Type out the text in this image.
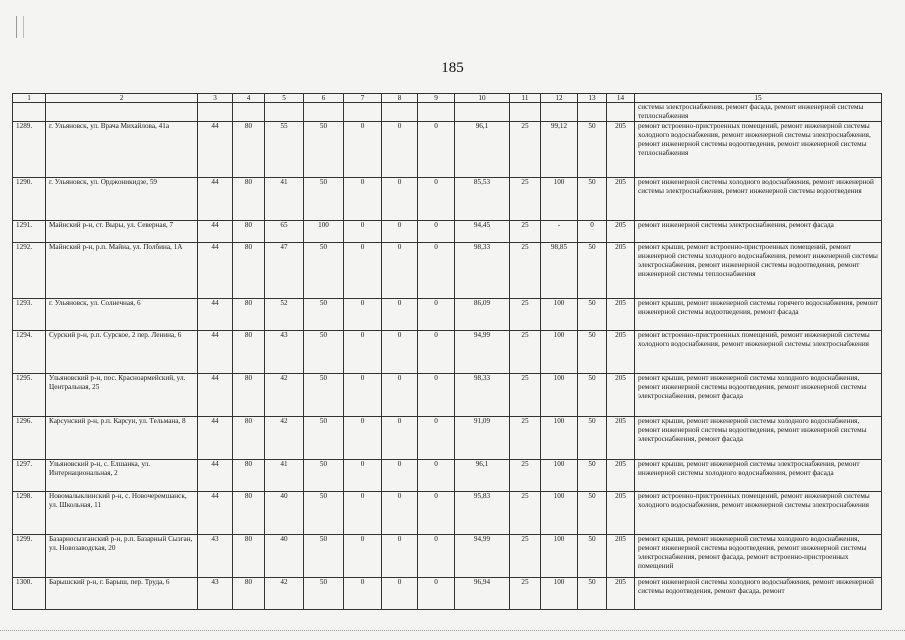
185
1	2	3	4	5	6	7	8	9	10	11	12	13	14	15
														системы электроснабжения, ремонт фасада, ремонт инженерной системы теплоснабжения
1289.	г. Ульяновск, ул. Врача Михайлова, 41а	44	80	55	50	0	0	0	96,1	25	99,12	50	205	ремонт встроенно-пристроенных помещений, ремонт инженерной системы холодного водоснабжения, ремонт инженерной системы электроснабжения, ремонт инженерной системы водоотведения, ремонт инженерной системы теплоснабжения
1290.	г. Ульяновск, ул. Орджоникидзе, 59	44	80	41	50	0	0	0	85,53	25	100	50	205	ремонт инженерной системы холодного водоснабжения, ремонт инженерной системы электроснабжения, ремонт инженерной системы водоотведения
1291.	Майнский р-н, ст. Выры, ул. Северная, 7	44	80	65	100	0	0	0	94,45	25	-	0	205	ремонт инженерной системы электроснабжения, ремонт фасада
1292.	Майнский р-н, р.п. Майна, ул. Полбина, 1А	44	80	47	50	0	0	0	98,33	25	98,85	50	205	ремонт крыши, ремонт встроенно-пристроенных помещений, ремонт инженерной системы холодного водоснабжения, ремонт инженерной системы электроснабжения, ремонт инженерной системы водоотведения, ремонт инженерной системы теплоснабжения
1293.	г. Ульяновск, ул. Солнечная, 6	44	80	52	50	0	0	0	86,09	25	100	50	205	ремонт крыши, ремонт инженерной системы горячего водоснабжения, ремонт инженерной системы водоотведения, ремонт фасада
1294.	Сурский р-н, р.п. Сурское, 2 пер. Ленина, 6	44	80	43	50	0	0	0	94,99	25	100	50	205	ремонт встроенно-пристроенных помещений, ремонт инженерной системы холодного водоснабжения, ремонт инженерной системы электроснабжения
1295.	Ульяновский р-н, пос. Красноармейский, ул. Центральная, 25	44	80	42	50	0	0	0	98,33	25	100	50	205	ремонт крыши, ремонт инженерной системы холодного водоснабжения, ремонт инженерной системы водоотведения, ремонт инженерной системы электроснабжения, ремонт фасада
1296.	Карсунский р-н, р.п. Карсун, ул. Тельмана, 8	44	80	42	50	0	0	0	91,09	25	100	50	205	ремонт крыши, ремонт инженерной системы холодного водоснабжения, ремонт инженерной системы водоотведения, ремонт инженерной системы электроснабжения, ремонт фасада
1297.	Ульяновский р-н, с. Елшанка, ул. Интернациональная, 2	44	80	41	50	0	0	0	96,1	25	100	50	205	ремонт крыши, ремонт инженерной системы электроснабжения, ремонт инженерной системы холодного водоснабжения, ремонт фасада
1298.	Новомалыклинский р-н, с. Новочеремшанск, ул. Школьная, 11	44	80	40	50	0	0	0	95,83	25	100	50	205	ремонт встроенно-пристроенных помещений, ремонт инженерной системы холодного водоснабжения, ремонт инженерной системы электроснабжения
1299.	Базарносызганский р-н, р.п. Базарный Сызган, ул. Новозаводская, 20	43	80	40	50	0	0	0	94,99	25	100	50	205	ремонт крыши, ремонт инженерной системы холодного водоснабжения, ремонт инженерной системы водоотведения, ремонт инженерной системы электроснабжения, ремонт фасада, ремонт встроенно-пристроенных помещений
1300.	Барышский р-н, г. Барыш, пер. Труда, 6	43	80	42	50	0	0	0	96,94	25	100	50	205	ремонт инженерной системы холодного водоснабжения, ремонт инженерной системы водоотведения, ремонт фасада, ремонт
